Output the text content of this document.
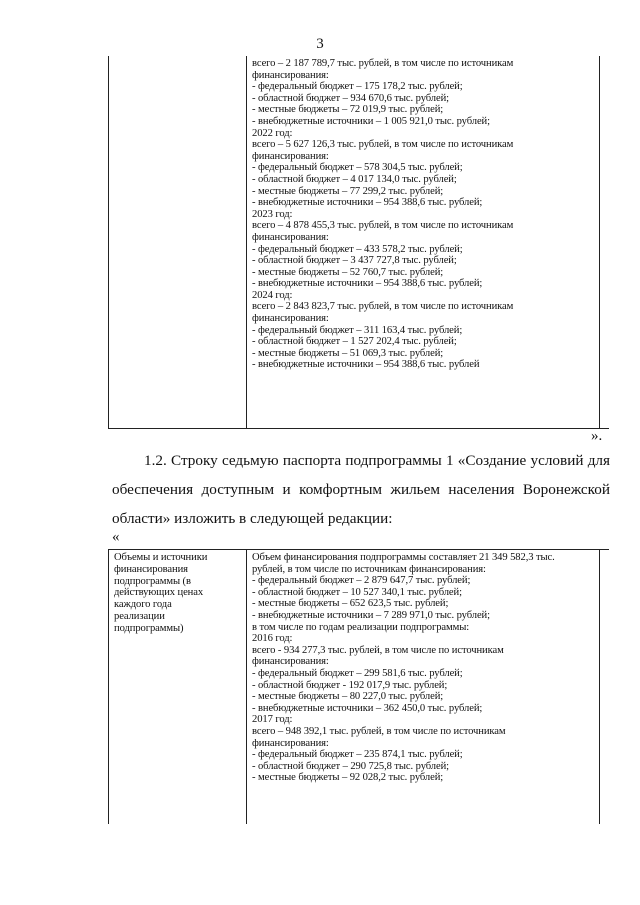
3
всего – 2 187 789,7 тыс. рублей, в том числе по источникам
финансирования:
- федеральный бюджет – 175 178,2 тыс. рублей;
- областной бюджет – 934 670,6 тыс. рублей;
- местные бюджеты – 72 019,9 тыс. рублей;
- внебюджетные источники – 1 005 921,0 тыс. рублей;
2022 год:
всего – 5 627 126,3 тыс. рублей, в том числе по источникам
финансирования:
- федеральный бюджет – 578 304,5 тыс. рублей;
- областной бюджет – 4 017 134,0 тыс. рублей;
- местные бюджеты – 77 299,2 тыс. рублей;
- внебюджетные источники – 954 388,6 тыс. рублей;
2023 год:
всего – 4 878 455,3 тыс. рублей, в том числе по источникам
финансирования:
- федеральный бюджет – 433 578,2 тыс. рублей;
- областной бюджет – 3 437 727,8 тыс. рублей;
- местные бюджеты – 52 760,7 тыс. рублей;
- внебюджетные источники – 954 388,6 тыс. рублей;
2024 год:
всего – 2 843 823,7 тыс. рублей, в том числе по источникам
финансирования:
- федеральный бюджет – 311 163,4 тыс. рублей;
- областной бюджет – 1 527 202,4 тыс. рублей;
- местные бюджеты – 51 069,3 тыс. рублей;
- внебюджетные источники – 954 388,6 тыс. рублей
».
1.2. Строку седьмую паспорта подпрограммы 1 «Создание условий для
обеспечения доступным и комфортным жильем населения Воронежской
области» изложить в следующей редакции:
«
Объемы и источники
финансирования
подпрограммы (в
действующих ценах
каждого года
реализации
подпрограммы)
Объем финансирования подпрограммы составляет 21 349 582,3 тыс.
рублей, в том числе по источникам финансирования:
- федеральный бюджет – 2 879 647,7 тыс. рублей;
- областной бюджет – 10 527 340,1 тыс. рублей;
- местные бюджеты – 652 623,5 тыс. рублей;
- внебюджетные источники – 7 289 971,0 тыс. рублей;
в том числе по годам реализации подпрограммы:
2016 год:
всего - 934 277,3 тыс. рублей, в том числе по источникам
финансирования:
- федеральный бюджет – 299 581,6 тыс. рублей;
- областной бюджет - 192 017,9 тыс. рублей;
- местные бюджеты – 80 227,0 тыс. рублей;
- внебюджетные источники – 362 450,0 тыс. рублей;
2017 год:
всего – 948 392,1 тыс. рублей, в том числе по источникам
финансирования:
- федеральный бюджет – 235 874,1 тыс. рублей;
- областной бюджет – 290 725,8 тыс. рублей;
- местные бюджеты – 92 028,2 тыс. рублей;
